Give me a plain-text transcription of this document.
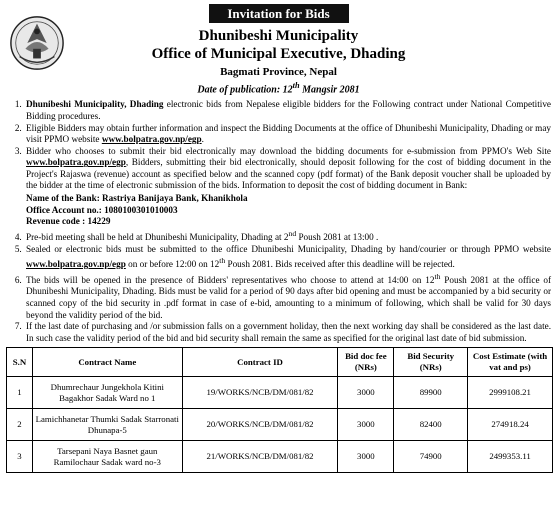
Invitation for Bids
Dhunibeshi Municipality
Office of Municipal Executive, Dhading
Bagmati Province, Nepal
Date of publication: 12th Mangsir 2081
1. Dhunibeshi Municipality, Dhading electronic bids from Nepalese eligible bidders for the Following contract under National Competitive Bidding procedures.
2. Eligible Bidders may obtain further information and inspect the Bidding Documents at the office of Dhunibeshi Municipality, Dhading or may visit PPMO website www.bolpatra.gov.np/egp.
3. Bidder who chooses to submit their bid electronically may download the bidding documents for e-submission from PPMO's Web Site www.bolpatra.gov.np/egp, Bidders, submitting their bid electronically, should deposit following for the cost of bidding document in the Project's Rajaswa (revenue) account as specified below and the scanned copy (pdf format) of the Bank deposit voucher shall be uploaded by the bidder at the time of electronic submission of the bids. Information to deposit the cost of bidding document in Bank:
Name of the Bank: Rastriya Banijaya Bank, Khanikhola
Office Account no.: 1080100301010003
Revenue code : 14229
4. Pre-bid meeting shall be held at Dhunibeshi Municipality, Dhading at 2nd Poush 2081 at 13:00 .
5. Sealed or electronic bids must be submitted to the office Dhunibeshi Municipality, Dhading by hand/courier or through PPMO website www.bolpatra.gov.np/egp on or before 12:00 on 12th Poush 2081. Bids received after this deadline will be rejected.
6. The bids will be opened in the presence of Bidders' representatives who choose to attend at 14:00 on 12th Poush 2081 at the office of Dhunibeshi Municipality, Dhading. Bids must be valid for a period of 90 days after bid opening and must be accompanied by a bid security or scanned copy of the bid security in .pdf format in case of e-bid, amounting to a minimum of following, which shall be valid for 30 days beyond the validity period of the bid.
7. If the last date of purchasing and /or submission falls on a government holiday, then the next working day shall be considered as the last date. In such case the validity period of the bid and bid security shall remain the same as specified for the original last date of bid submission.
S.N	Contract Name	Contract ID	Bid doc fee (NRs)	Bid Security (NRs)	Cost Estimate (with vat and ps)
1	Dhumrechaur Jungekhola Kitini Bagakhor Sadak Ward no 1	19/WORKS/NCB/DM/081/82	3000	89900	2999108.21
2	Lamichhanetar Thumki Sadak Starronati Dhunapa-5	20/WORKS/NCB/DM/081/82	3000	82400	274918.24
3	Tarsepani Naya Basnet gaun Ramilochaur Sadak ward no-3	21/WORKS/NCB/DM/081/82	3000	74900	2499353.11
